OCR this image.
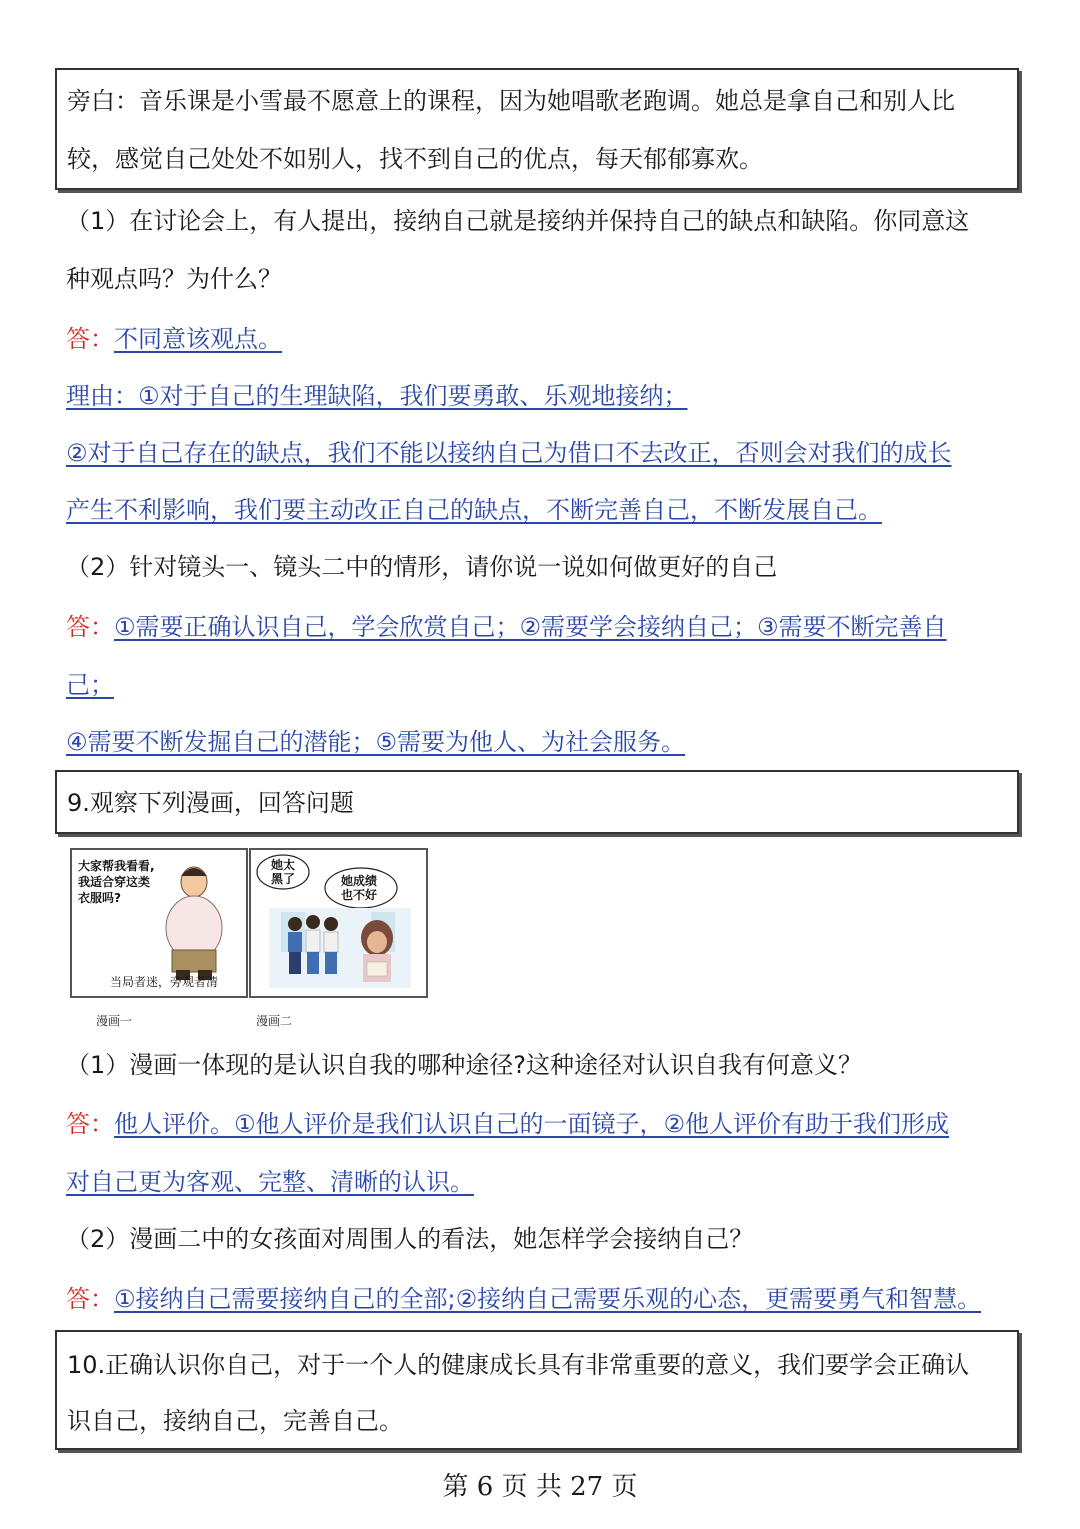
旁白：音乐课是小雪最不愿意上的课程，因为她唱歌老跑调。她总是拿自己和别人比
较，感觉自己处处不如别人，找不到自己的优点，每天郁郁寡欢。
（1）在讨论会上，有人提出，接纳自己就是接纳并保持自己的缺点和缺陷。你同意这
种观点吗？为什么？
答：不同意该观点。
理由：①对于自己的生理缺陷，我们要勇敢、乐观地接纳；
②对于自己存在的缺点，我们不能以接纳自己为借口不去改正，否则会对我们的成长
产生不利影响，我们要主动改正自己的缺点，不断完善自己，不断发展自己。
（2）针对镜头一、镜头二中的情形，请你说一说如何做更好的自己
答：①需要正确认识自己，学会欣赏自己；②需要学会接纳自己；③需要不断完善自
己；
④需要不断发掘自己的潜能；⑤需要为他人、为社会服务。
9.观察下列漫画，回答问题
大家帮我看看,
我适合穿这类
衣服吗?
当局者迷，旁观者清
她太
黑了	她成绩
也不好
漫画一	漫画二
（1）漫画一体现的是认识自我的哪种途径?这种途径对认识自我有何意义？
答：他人评价。①他人评价是我们认识自己的一面镜子，②他人评价有助于我们形成
对自己更为客观、完整、清晰的认识。
（2）漫画二中的女孩面对周围人的看法，她怎样学会接纳自己？
答：①接纳自己需要接纳自己的全部;②接纳自己需要乐观的心态，更需要勇气和智慧。
10.正确认识你自己，对于一个人的健康成长具有非常重要的意义，我们要学会正确认
识自己，接纳自己，完善自己。
第 6 页 共 27 页
